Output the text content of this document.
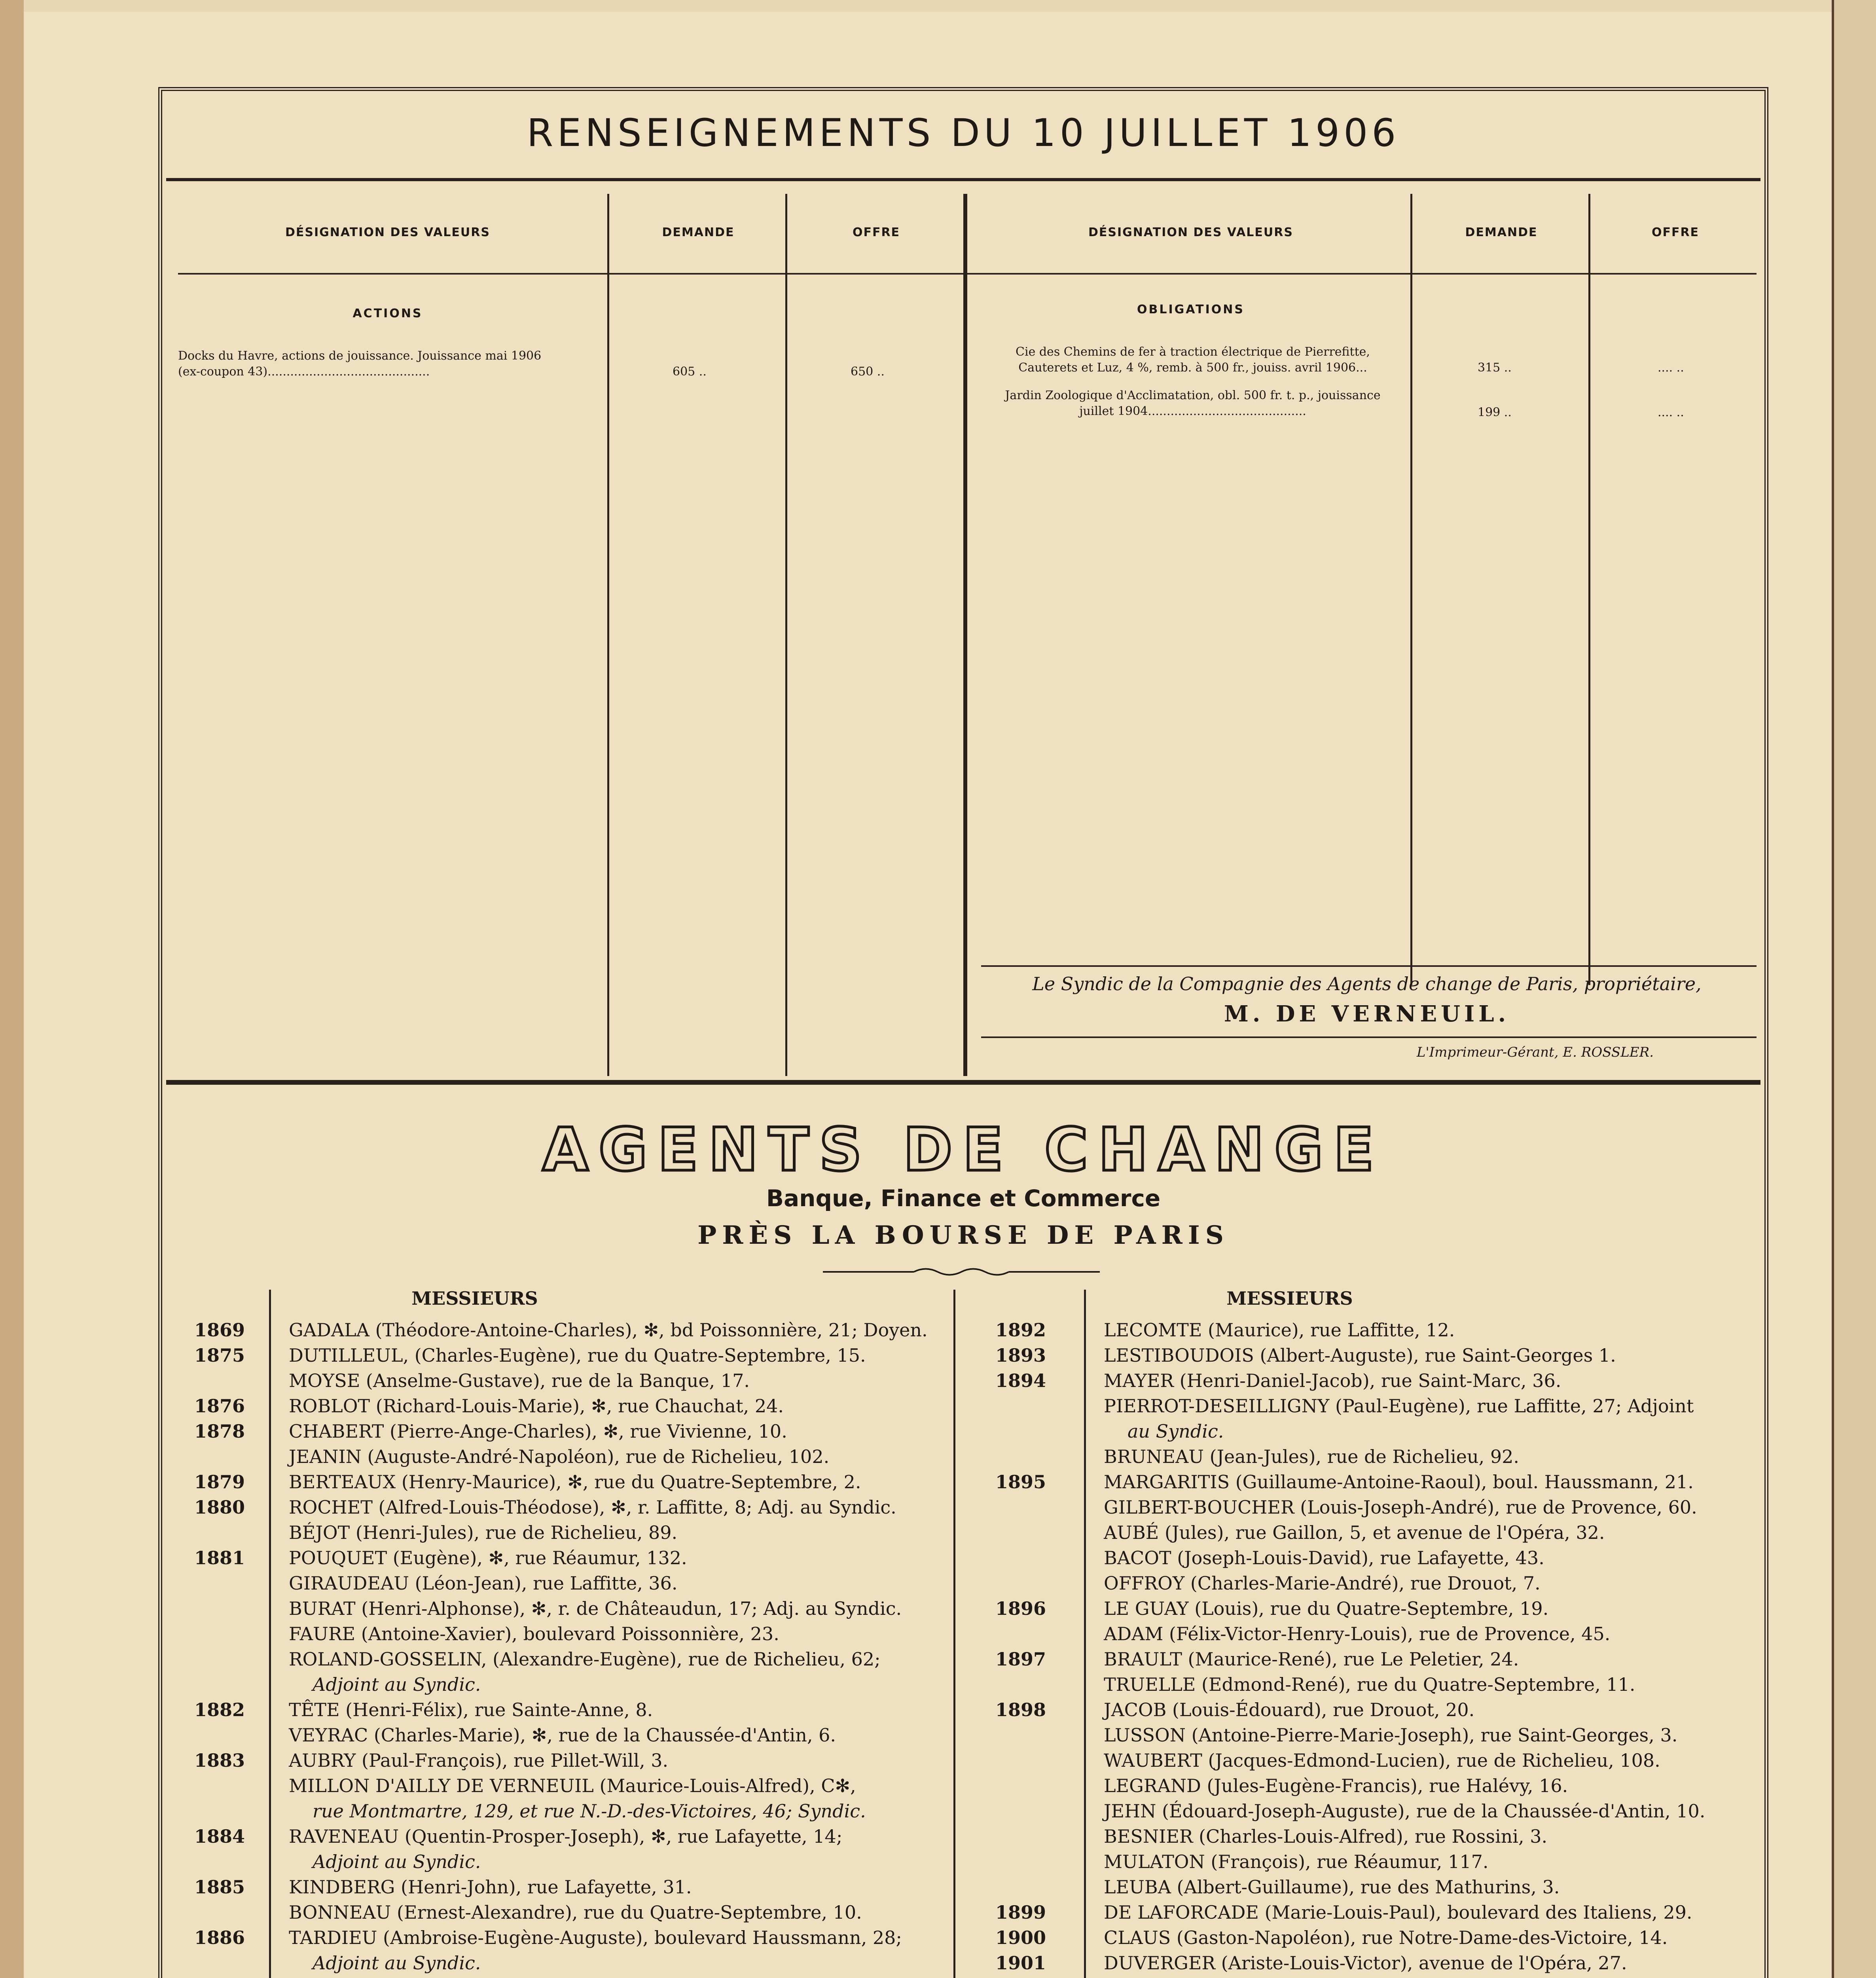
RENSEIGNEMENTS DU 10 JUILLET 1906
DÉSIGNATION DES VALEURS	DEMANDE	OFFRE	DÉSIGNATION DES VALEURS	DEMANDE	OFFRE
ACTIONS	OBLIGATIONS
Docks du Havre, actions de jouissance. Jouissance mai 1906
(ex-coupon 43)...........................................	605 ..	650 ..
Cie des Chemins de fer à traction électrique de Pierrefitte,
Cauterets et Luz, 4 %, remb. à 500 fr., jouiss. avril 1906...	315 ..	.... ..
Jardin Zoologique d'Acclimatation, obl. 500 fr. t. p., jouissance
juillet 1904..........................................	199 ..	.... ..
Le Syndic de la Compagnie des Agents de change de Paris, propriétaire,
M. DE VERNEUIL.
L'Imprimeur-Gérant, E. ROSSLER.
AGENTS DE CHANGE
Banque, Finance et Commerce
PRÈS LA BOURSE DE PARIS
MESSIEURS	MESSIEURS
1869	GADALA (Théodore-Antoine-Charles), ✻, bd Poissonnière, 21; Doyen.
1875	DUTILLEUL, (Charles-Eugène), rue du Quatre-Septembre, 15.
MOYSE (Anselme-Gustave), rue de la Banque, 17.
1876	ROBLOT (Richard-Louis-Marie), ✻, rue Chauchat, 24.
1878	CHABERT (Pierre-Ange-Charles), ✻, rue Vivienne, 10.
JEANIN (Auguste-André-Napoléon), rue de Richelieu, 102.
1879	BERTEAUX (Henry-Maurice), ✻, rue du Quatre-Septembre, 2.
1880	ROCHET (Alfred-Louis-Théodose), ✻, r. Laffitte, 8; Adj. au Syndic.
BÉJOT (Henri-Jules), rue de Richelieu, 89.
1881	POUQUET (Eugène), ✻, rue Réaumur, 132.
GIRAUDEAU (Léon-Jean), rue Laffitte, 36.
BURAT (Henri-Alphonse), ✻, r. de Châteaudun, 17; Adj. au Syndic.
FAURE (Antoine-Xavier), boulevard Poissonnière, 23.
ROLAND-GOSSELIN, (Alexandre-Eugène), rue de Richelieu, 62;
Adjoint au Syndic.
1882	TÊTE (Henri-Félix), rue Sainte-Anne, 8.
VEYRAC (Charles-Marie), ✻, rue de la Chaussée-d'Antin, 6.
1883	AUBRY (Paul-François), rue Pillet-Will, 3.
MILLON D'AILLY DE VERNEUIL (Maurice-Louis-Alfred), C✻,
rue Montmartre, 129, et rue N.-D.-des-Victoires, 46; Syndic.
1884	RAVENEAU (Quentin-Prosper-Joseph), ✻, rue Lafayette, 14;
Adjoint au Syndic.
1885	KINDBERG (Henri-John), rue Lafayette, 31.
BONNEAU (Ernest-Alexandre), rue du Quatre-Septembre, 10.
1886	TARDIEU (Ambroise-Eugène-Auguste), boulevard Haussmann, 28;
Adjoint au Syndic.
1892	LECOMTE (Maurice), rue Laffitte, 12.
1893	LESTIBOUDOIS (Albert-Auguste), rue Saint-Georges 1.
1894	MAYER (Henri-Daniel-Jacob), rue Saint-Marc, 36.
PIERROT-DESEILLIGNY (Paul-Eugène), rue Laffitte, 27; Adjoint
au Syndic.
BRUNEAU (Jean-Jules), rue de Richelieu, 92.
1895	MARGARITIS (Guillaume-Antoine-Raoul), boul. Haussmann, 21.
GILBERT-BOUCHER (Louis-Joseph-André), rue de Provence, 60.
AUBÉ (Jules), rue Gaillon, 5, et avenue de l'Opéra, 32.
BACOT (Joseph-Louis-David), rue Lafayette, 43.
OFFROY (Charles-Marie-André), rue Drouot, 7.
1896	LE GUAY (Louis), rue du Quatre-Septembre, 19.
ADAM (Félix-Victor-Henry-Louis), rue de Provence, 45.
1897	BRAULT (Maurice-René), rue Le Peletier, 24.
TRUELLE (Edmond-René), rue du Quatre-Septembre, 11.
1898	JACOB (Louis-Édouard), rue Drouot, 20.
LUSSON (Antoine-Pierre-Marie-Joseph), rue Saint-Georges, 3.
WAUBERT (Jacques-Edmond-Lucien), rue de Richelieu, 108.
LEGRAND (Jules-Eugène-Francis), rue Halévy, 16.
JEHN (Édouard-Joseph-Auguste), rue de la Chaussée-d'Antin, 10.
BESNIER (Charles-Louis-Alfred), rue Rossini, 3.
MULATON (François), rue Réaumur, 117.
LEUBA (Albert-Guillaume), rue des Mathurins, 3.
1899	DE LAFORCADE (Marie-Louis-Paul), boulevard des Italiens, 29.
1900	CLAUS (Gaston-Napoléon), rue Notre-Dame-des-Victoire, 14.
1901	DUVERGER (Ariste-Louis-Victor), avenue de l'Opéra, 27.
